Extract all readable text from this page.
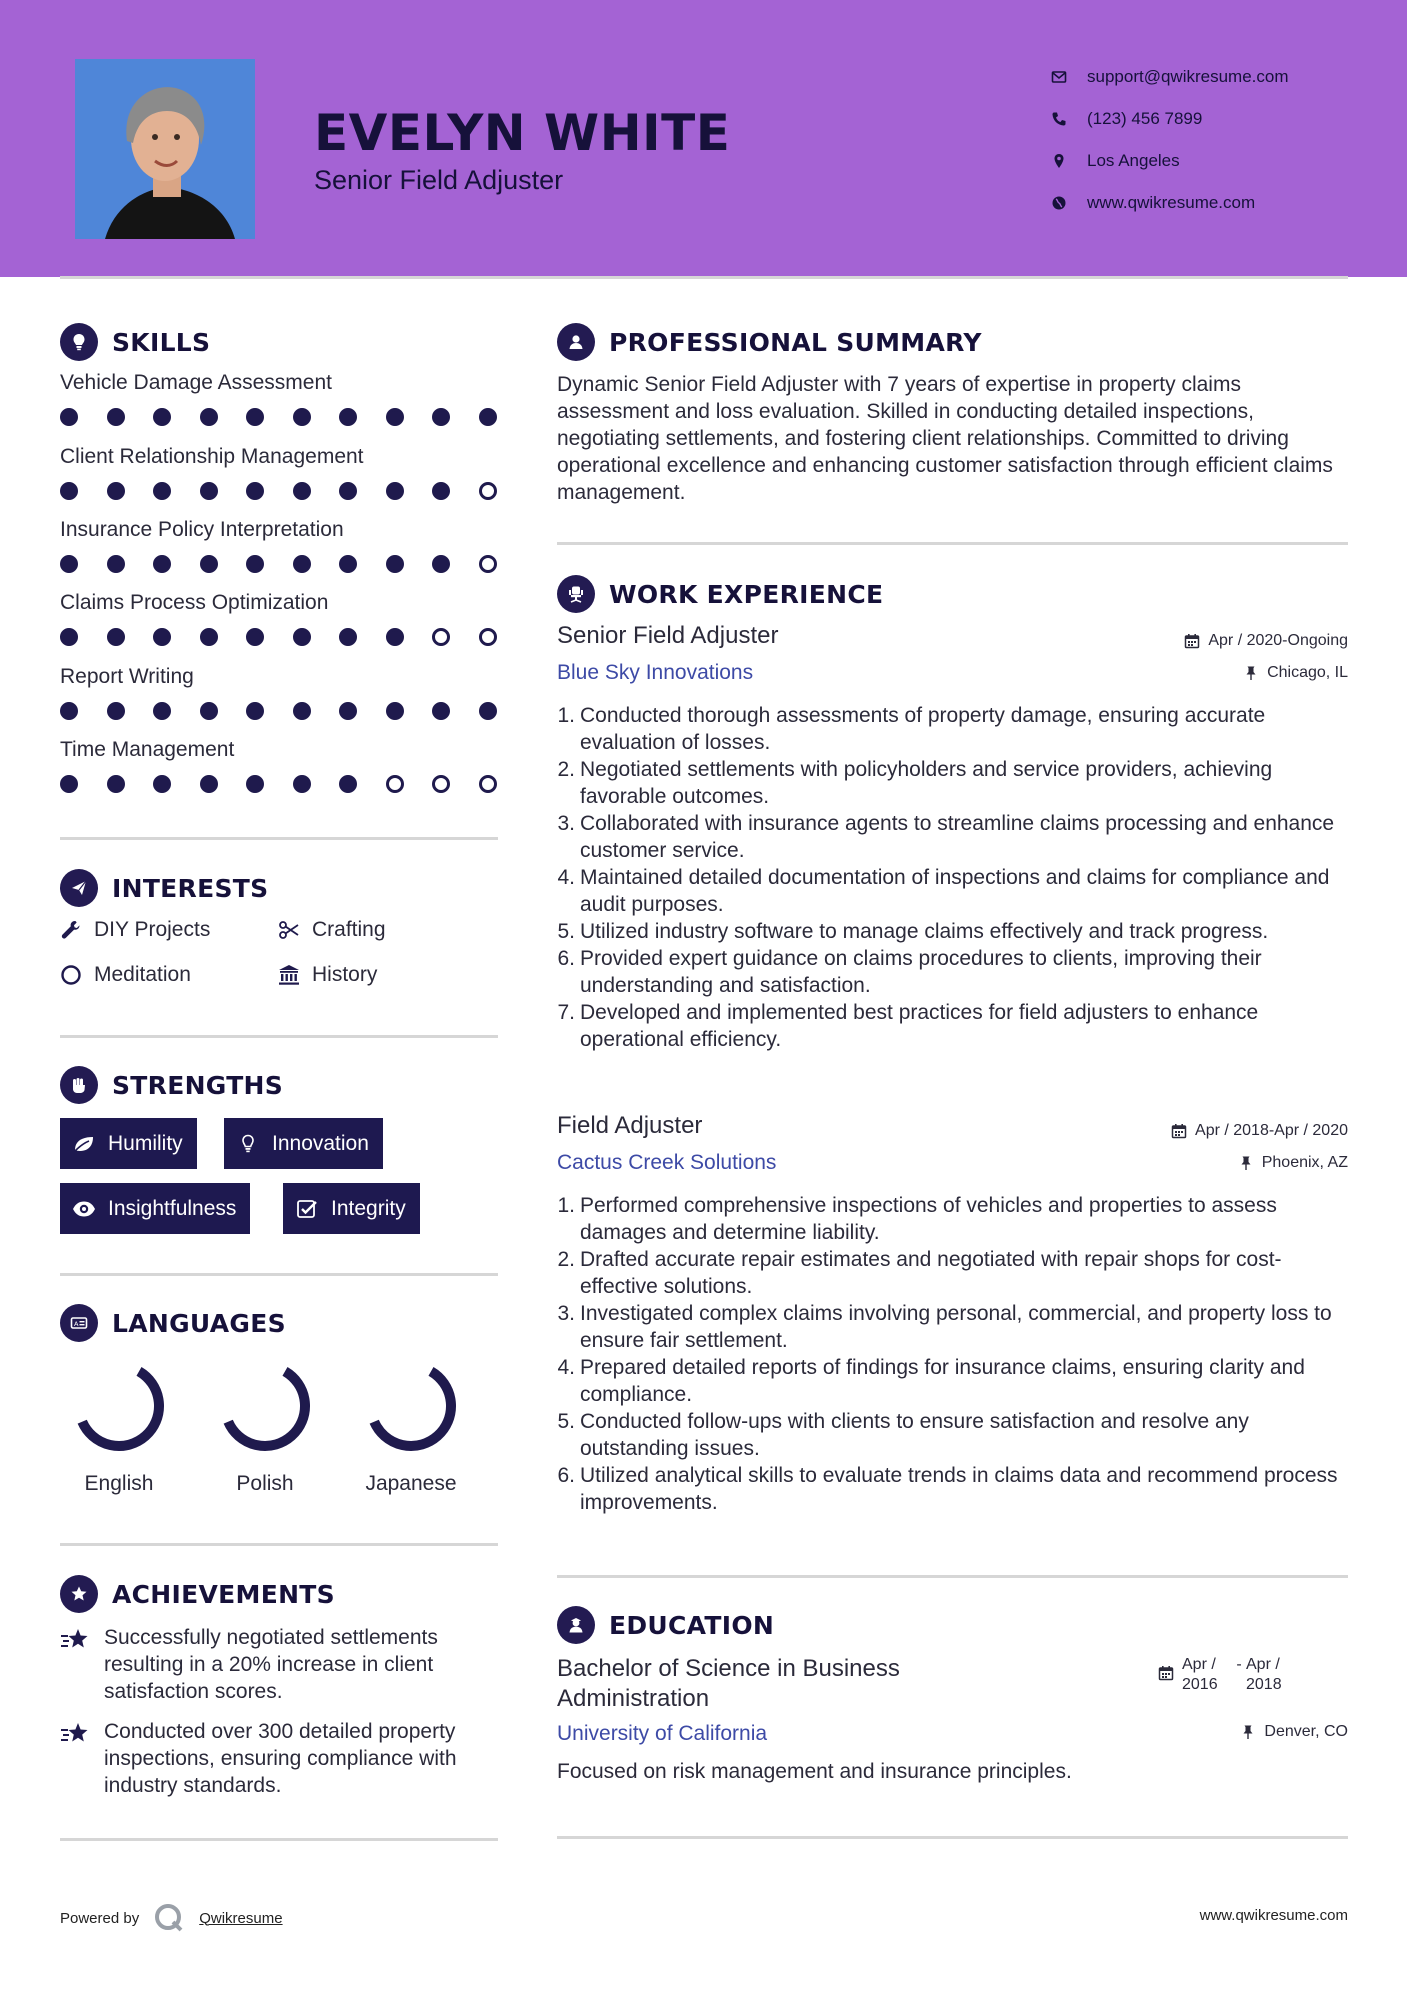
EVELYN WHITE
Senior Field Adjuster
support@qwikresume.com
(123) 456 7899
Los Angeles
www.qwikresume.com
SKILLS
Vehicle Damage Assessment
Client Relationship Management
Insurance Policy Interpretation
Claims Process Optimization
Report Writing
Time Management
INTERESTS
DIY Projects	Crafting
Meditation	History
STRENGTHS
Humility	Innovation
Insightfulness	Integrity
A LANGUAGES
English	Polish	Japanese
ACHIEVEMENTS
Successfully negotiated settlements resulting in a 20% increase in client satisfaction scores.
Conducted over 300 detailed property inspections, ensuring compliance with industry standards.
PROFESSIONAL SUMMARY
Dynamic Senior Field Adjuster with 7 years of expertise in property claims assessment and loss evaluation. Skilled in conducting detailed inspections, negotiating settlements, and fostering client relationships. Committed to driving operational excellence and enhancing customer satisfaction through efficient claims management.
WORK EXPERIENCE
Senior Field Adjuster	Apr / 2020-Ongoing
Blue Sky Innovations	Chicago, IL
1. Conducted thorough assessments of property damage, ensuring accurate evaluation of losses.
2. Negotiated settlements with policyholders and service providers, achieving favorable outcomes.
3. Collaborated with insurance agents to streamline claims processing and enhance customer service.
4. Maintained detailed documentation of inspections and claims for compliance and audit purposes.
5. Utilized industry software to manage claims effectively and track progress.
6. Provided expert guidance on claims procedures to clients, improving their understanding and satisfaction.
7. Developed and implemented best practices for field adjusters to enhance operational efficiency.
Field Adjuster	Apr / 2018-Apr / 2020
Cactus Creek Solutions	Phoenix, AZ
1. Performed comprehensive inspections of vehicles and properties to assess damages and determine liability.
2. Drafted accurate repair estimates and negotiated with repair shops for cost-effective solutions.
3. Investigated complex claims involving personal, commercial, and property loss to ensure fair settlement.
4. Prepared detailed reports of findings for insurance claims, ensuring clarity and compliance.
5. Conducted follow-ups with clients to ensure satisfaction and resolve any outstanding issues.
6. Utilized analytical skills to evaluate trends in claims data and recommend process improvements.
EDUCATION
Bachelor of Science in Business Administration
Apr / 2016
- Apr / 2018
University of California	Denver, CO
Focused on risk management and insurance principles.
Powered by	Qwikresume	www.qwikresume.com
